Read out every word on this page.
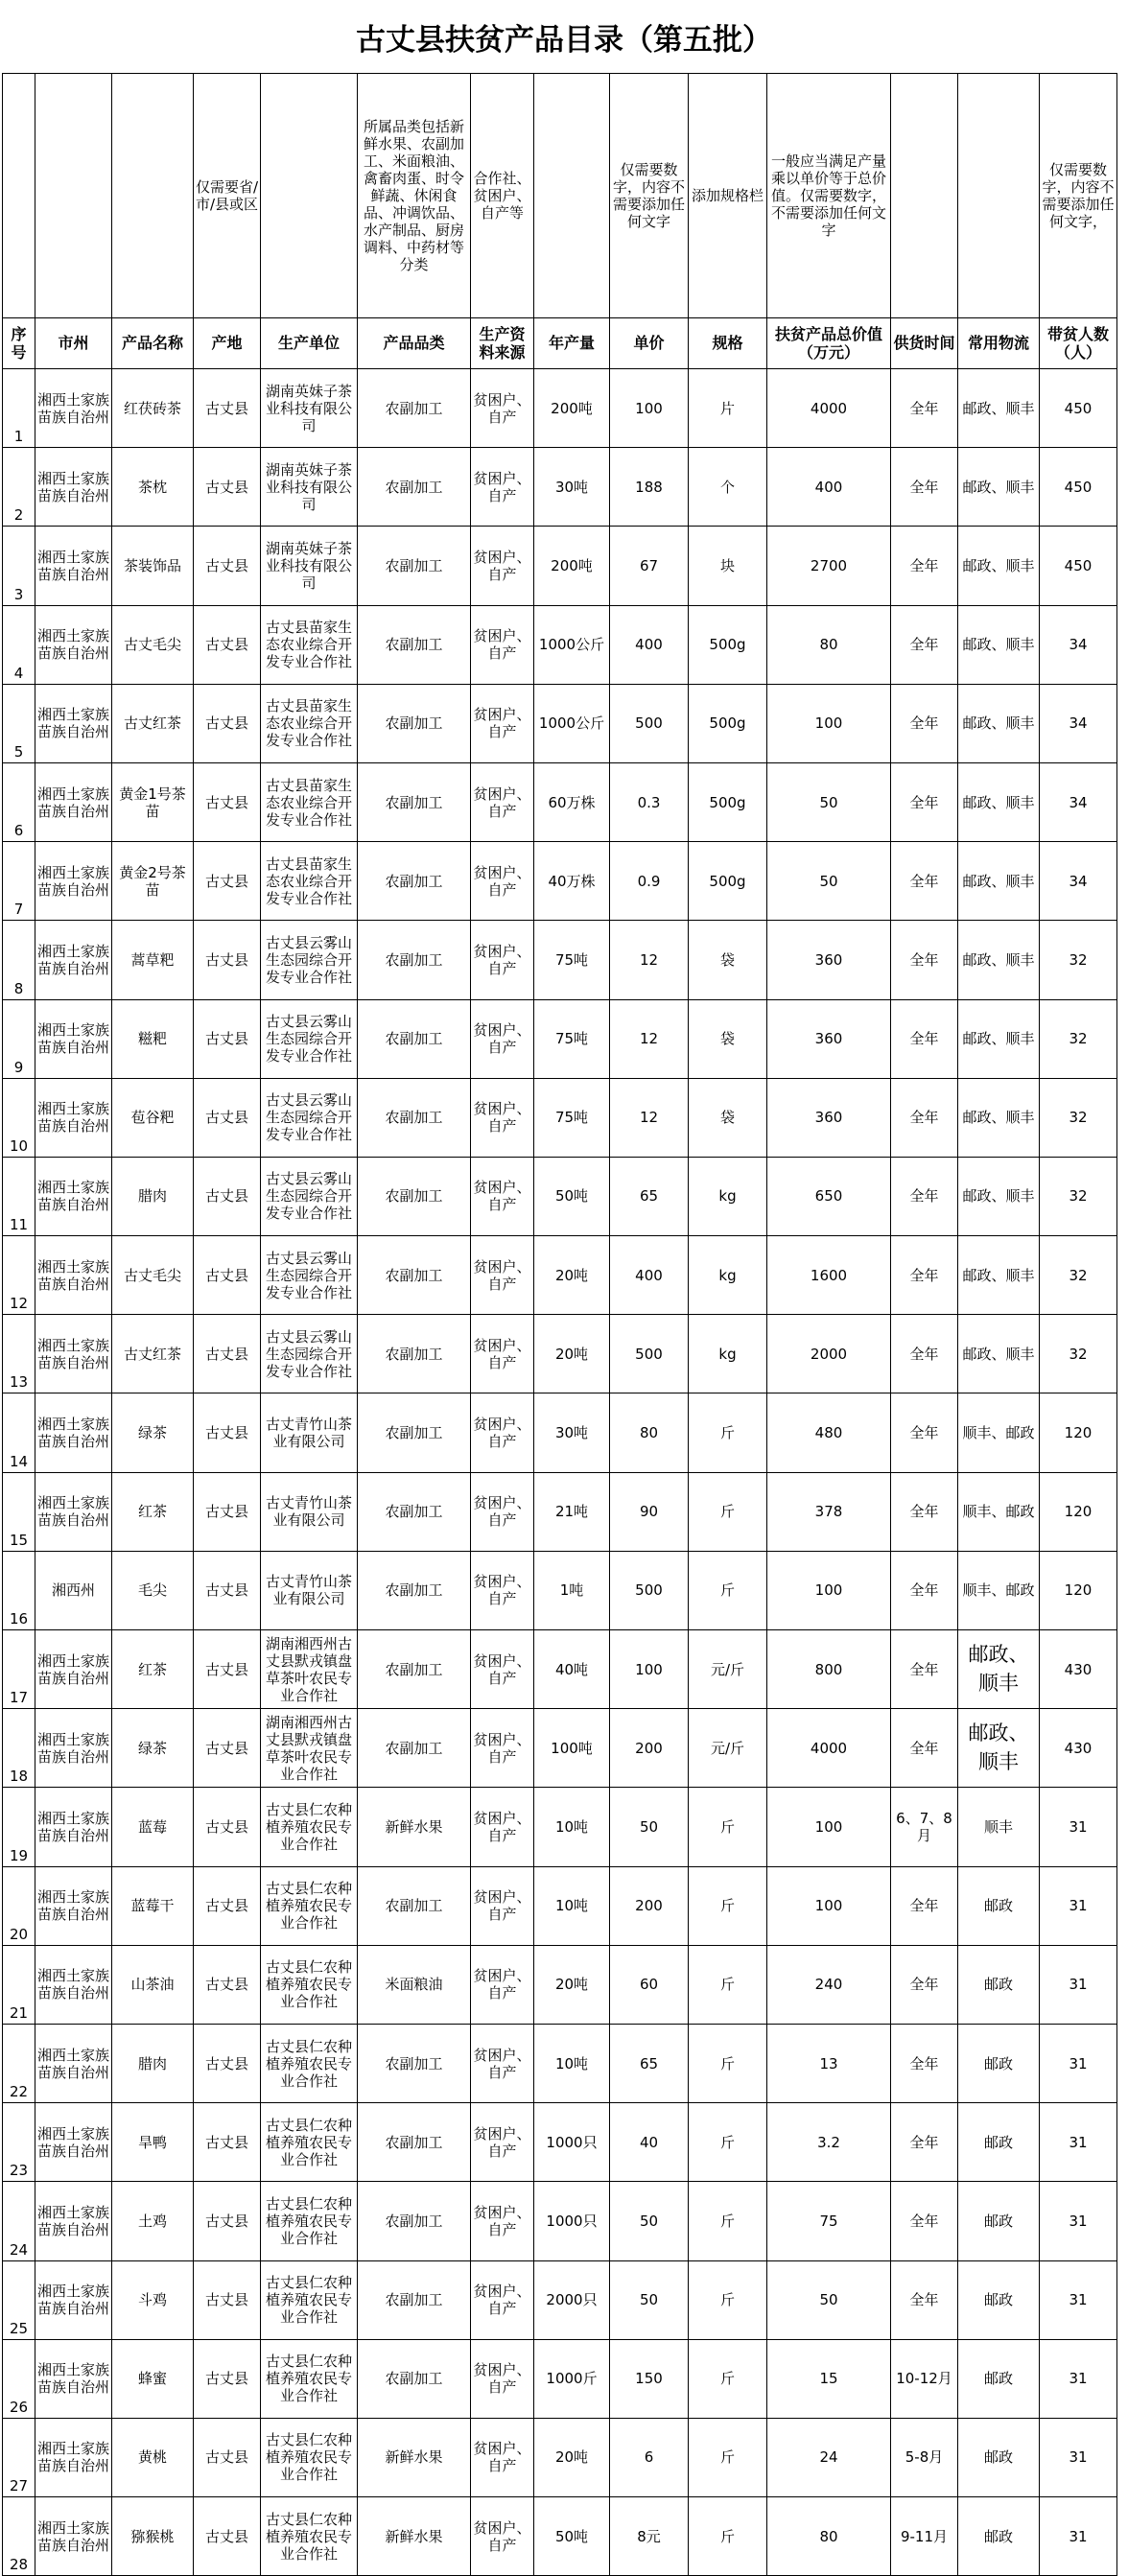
古丈县扶贫产品目录（第五批）
			仅需要省/市/县或区		所属品类包括新鲜水果、农副加工、米面粮油、禽畜肉蛋、时令鲜蔬、休闲食品、冲调饮品、水产制品、厨房调料、中药材等分类	合作社、贫困户、自产等		仅需要数字，内容不需要添加任何文字	添加规格栏	一般应当满足产量乘以单价等于总价值。仅需要数字，不需要添加任何文字			仅需要数字，内容不需要添加任何文字，
序号	市州	产品名称	产地	生产单位	产品品类	生产资料来源	年产量	单价	规格	扶贫产品总价值（万元）	供货时间	常用物流	带贫人数（人）
1	湘西土家族苗族自治州	红茯砖茶	古丈县	湖南英妹子茶业科技有限公司	农副加工	贫困户、自产	200吨	100	片	4000	全年	邮政、顺丰	450
2	湘西土家族苗族自治州	茶枕	古丈县	湖南英妹子茶业科技有限公司	农副加工	贫困户、自产	30吨	188	个	400	全年	邮政、顺丰	450
3	湘西土家族苗族自治州	茶装饰品	古丈县	湖南英妹子茶业科技有限公司	农副加工	贫困户、自产	200吨	67	块	2700	全年	邮政、顺丰	450
4	湘西土家族苗族自治州	古丈毛尖	古丈县	古丈县苗家生态农业综合开发专业合作社	农副加工	贫困户、自产	1000公斤	400	500g	80	全年	邮政、顺丰	34
5	湘西土家族苗族自治州	古丈红茶	古丈县	古丈县苗家生态农业综合开发专业合作社	农副加工	贫困户、自产	1000公斤	500	500g	100	全年	邮政、顺丰	34
6	湘西土家族苗族自治州	黄金1号茶苗	古丈县	古丈县苗家生态农业综合开发专业合作社	农副加工	贫困户、自产	60万株	0.3	500g	50	全年	邮政、顺丰	34
7	湘西土家族苗族自治州	黄金2号茶苗	古丈县	古丈县苗家生态农业综合开发专业合作社	农副加工	贫困户、自产	40万株	0.9	500g	50	全年	邮政、顺丰	34
8	湘西土家族苗族自治州	蒿草粑	古丈县	古丈县云雾山生态园综合开发专业合作社	农副加工	贫困户、自产	75吨	12	袋	360	全年	邮政、顺丰	32
9	湘西土家族苗族自治州	糍粑	古丈县	古丈县云雾山生态园综合开发专业合作社	农副加工	贫困户、自产	75吨	12	袋	360	全年	邮政、顺丰	32
10	湘西土家族苗族自治州	苞谷粑	古丈县	古丈县云雾山生态园综合开发专业合作社	农副加工	贫困户、自产	75吨	12	袋	360	全年	邮政、顺丰	32
11	湘西土家族苗族自治州	腊肉	古丈县	古丈县云雾山生态园综合开发专业合作社	农副加工	贫困户、自产	50吨	65	kg	650	全年	邮政、顺丰	32
12	湘西土家族苗族自治州	古丈毛尖	古丈县	古丈县云雾山生态园综合开发专业合作社	农副加工	贫困户、自产	20吨	400	kg	1600	全年	邮政、顺丰	32
13	湘西土家族苗族自治州	古丈红茶	古丈县	古丈县云雾山生态园综合开发专业合作社	农副加工	贫困户、自产	20吨	500	kg	2000	全年	邮政、顺丰	32
14	湘西土家族苗族自治州	绿茶	古丈县	古丈青竹山茶业有限公司	农副加工	贫困户、自产	30吨	80	斤	480	全年	顺丰、邮政	120
15	湘西土家族苗族自治州	红茶	古丈县	古丈青竹山茶业有限公司	农副加工	贫困户、自产	21吨	90	斤	378	全年	顺丰、邮政	120
16	湘西州	毛尖	古丈县	古丈青竹山茶业有限公司	农副加工	贫困户、自产	1吨	500	斤	100	全年	顺丰、邮政	120
17	湘西土家族苗族自治州	红茶	古丈县	湖南湘西州古丈县默戎镇盘草茶叶农民专业合作社	农副加工	贫困户、自产	40吨	100	元/斤	800	全年	邮政、顺丰	430
18	湘西土家族苗族自治州	绿茶	古丈县	湖南湘西州古丈县默戎镇盘草茶叶农民专业合作社	农副加工	贫困户、自产	100吨	200	元/斤	4000	全年	邮政、顺丰	430
19	湘西土家族苗族自治州	蓝莓	古丈县	古丈县仁农种植养殖农民专业合作社	新鲜水果	贫困户、自产	10吨	50	斤	100	6、7、8月	顺丰	31
20	湘西土家族苗族自治州	蓝莓干	古丈县	古丈县仁农种植养殖农民专业合作社	农副加工	贫困户、自产	10吨	200	斤	100	全年	邮政	31
21	湘西土家族苗族自治州	山茶油	古丈县	古丈县仁农种植养殖农民专业合作社	米面粮油	贫困户、自产	20吨	60	斤	240	全年	邮政	31
22	湘西土家族苗族自治州	腊肉	古丈县	古丈县仁农种植养殖农民专业合作社	农副加工	贫困户、自产	10吨	65	斤	13	全年	邮政	31
23	湘西土家族苗族自治州	旱鸭	古丈县	古丈县仁农种植养殖农民专业合作社	农副加工	贫困户、自产	1000只	40	斤	3.2	全年	邮政	31
24	湘西土家族苗族自治州	土鸡	古丈县	古丈县仁农种植养殖农民专业合作社	农副加工	贫困户、自产	1000只	50	斤	75	全年	邮政	31
25	湘西土家族苗族自治州	斗鸡	古丈县	古丈县仁农种植养殖农民专业合作社	农副加工	贫困户、自产	2000只	50	斤	50	全年	邮政	31
26	湘西土家族苗族自治州	蜂蜜	古丈县	古丈县仁农种植养殖农民专业合作社	农副加工	贫困户、自产	1000斤	150	斤	15	10-12月	邮政	31
27	湘西土家族苗族自治州	黄桃	古丈县	古丈县仁农种植养殖农民专业合作社	新鲜水果	贫困户、自产	20吨	6	斤	24	5-8月	邮政	31
28	湘西土家族苗族自治州	猕猴桃	古丈县	古丈县仁农种植养殖农民专业合作社	新鲜水果	贫困户、自产	50吨	8元	斤	80	9-11月	邮政	31
